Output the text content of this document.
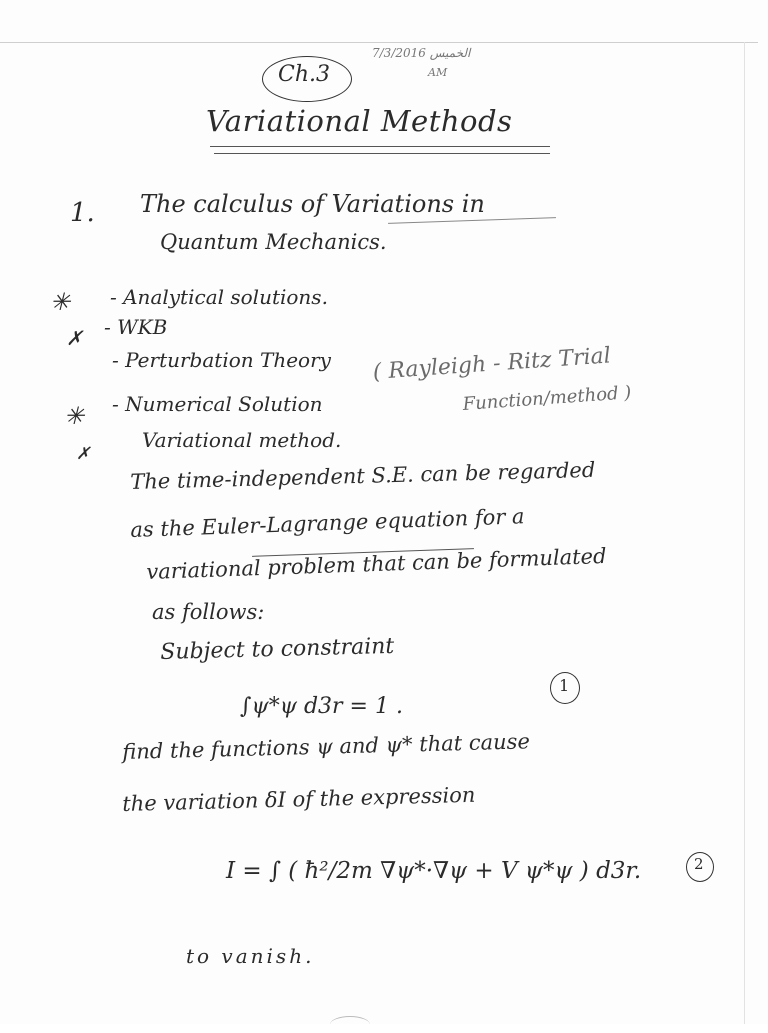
Ch.3
الخميس 7/3/2016
AM
Variational Methods
1. The calculus of Variations in
Quantum Mechanics.
✳
✗
✳
✗
- Analytical solutions.
- WKB
- Perturbation Theory
- Numerical Solution
Variational method.
( Rayleigh - Ritz Trial
Function/method )
The time-independent S.E. can be regarded
as the Euler-Lagrange equation for a
variational problem that can be formulated
as follows:
Subject to constraint
∫ψ*ψ d3r = 1 .
1
find the functions ψ and ψ* that cause
the variation δI of the expression
I = ∫ ( ħ²/2m ∇ψ*·∇ψ + V ψ*ψ ) d3r.	2
to vanish.
